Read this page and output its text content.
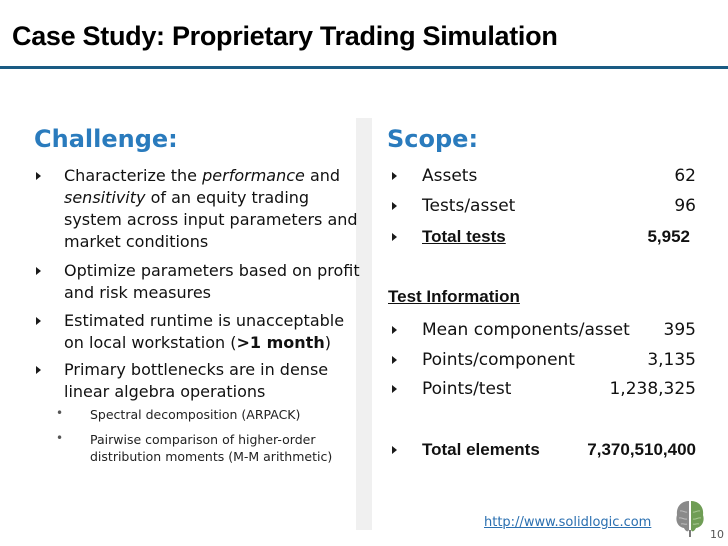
Case Study: Proprietary Trading Simulation
Challenge:
Characterize the performance and
sensitivity of an equity trading
system across input parameters and
market conditions
Optimize parameters based on profit
and risk measures
Estimated runtime is unacceptable
on local workstation (>1 month)
Primary bottlenecks are in dense
linear algebra operations
• Spectral decomposition (ARPACK)
• Pairwise comparison of higher-order
distribution moments (M-M arithmetic)
Scope:
Assets	62
Tests/asset	96
Total tests	5,952
Test Information
Mean components/asset 395
Points/component	3,135
Points/test	1,238,325
Total elements	7,370,510,400
http://www.solidlogic.com
10
